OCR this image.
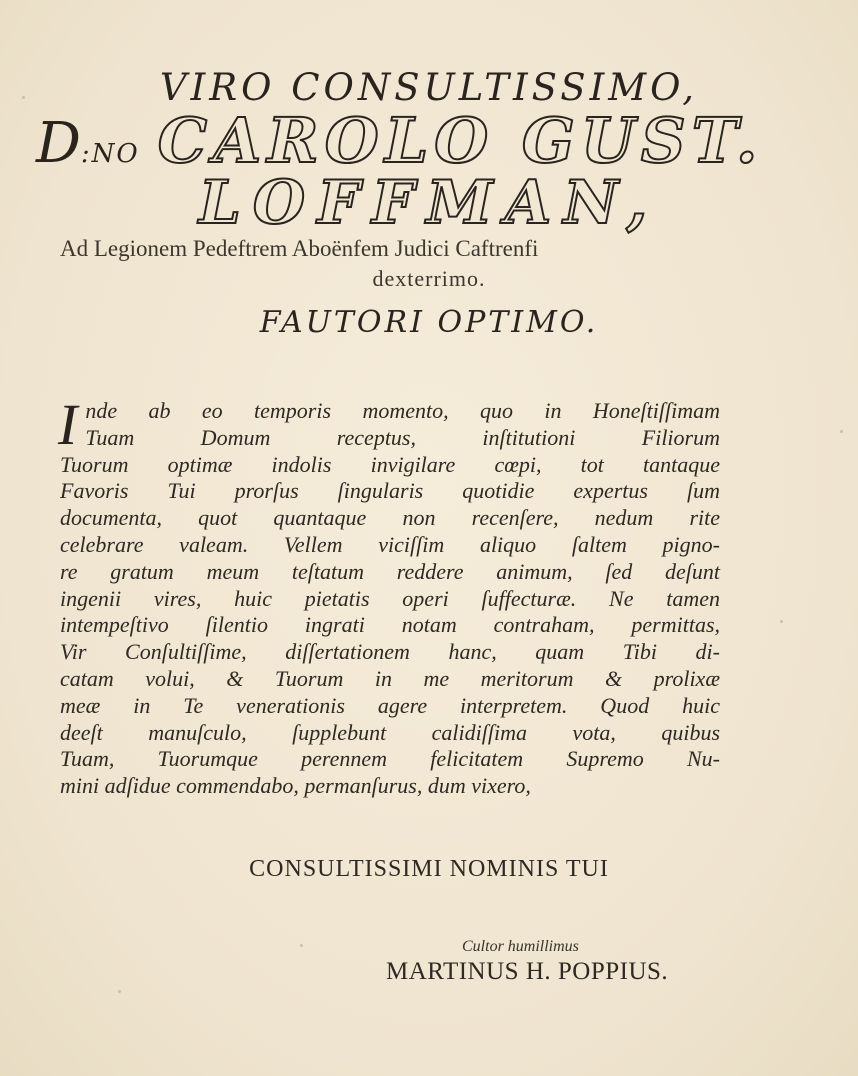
VIRO CONSULTISSIMO,
D :NO CAROLO GUST.
LOFFMAN,
Ad Legionem Pedeftrem Aboënfem Judici Caftrenfi
dexterrimo.
FAUTORI OPTIMO.
I nde ab eo temporis momento, quo in Honeſtiſſimam
Tuam Domum receptus, inſtitutioni Filiorum
Tuorum optimæ indolis invigilare cœpi, tot tantaque
Favoris Tui prorſus ſingularis quotidie expertus ſum
documenta, quot quantaque non recenſere, nedum rite
celebrare valeam. Vellem viciſſim aliquo ſaltem pigno-
re gratum meum teſtatum reddere animum, ſed deſunt
ingenii vires, huic pietatis operi ſuffecturæ. Ne tamen
intempeſtivo ſilentio ingrati notam contraham, permittas,
Vir Conſultiſſime, diſſertationem hanc, quam Tibi di-
catam volui, & Tuorum in me meritorum & prolixæ
meæ in Te venerationis agere interpretem. Quod huic
deeſt manuſculo, ſupplebunt calidiſſima vota, quibus
Tuam, Tuorumque perennem felicitatem Supremo Nu-
mini adſidue commendabo, permanſurus, dum vixero,
CONSULTISSIMI NOMINIS TUI
Cultor humillimus
MARTINUS H. POPPIUS.
